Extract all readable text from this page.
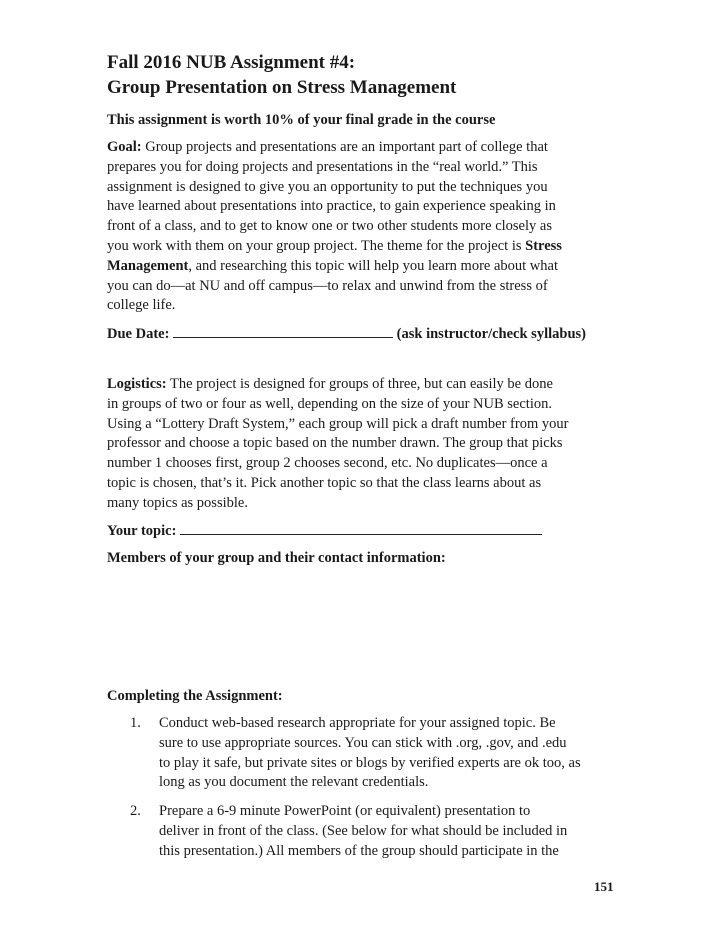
Fall 2016 NUB Assignment #4:
Group Presentation on Stress Management
This assignment is worth 10% of your final grade in the course
Goal: Group projects and presentations are an important part of college that
prepares you for doing projects and presentations in the “real world.” This
assignment is designed to give you an opportunity to put the techniques you
have learned about presentations into practice, to gain experience speaking in
front of a class, and to get to know one or two other students more closely as
you work with them on your group project. The theme for the project is Stress
Management, and researching this topic will help you learn more about what
you can do—at NU and off campus—to relax and unwind from the stress of
college life.
Due Date:	(ask instructor/check syllabus)
Logistics: The project is designed for groups of three, but can easily be done
in groups of two or four as well, depending on the size of your NUB section.
Using a “Lottery Draft System,” each group will pick a draft number from your
professor and choose a topic based on the number drawn. The group that picks
number 1 chooses first, group 2 chooses second, etc. No duplicates—once a
topic is chosen, that’s it. Pick another topic so that the class learns about as
many topics as possible.
Your topic:
Members of your group and their contact information:
Completing the Assignment:
1. Conduct web-based research appropriate for your assigned topic. Be
sure to use appropriate sources. You can stick with .org, .gov, and .edu
to play it safe, but private sites or blogs by verified experts are ok too, as
long as you document the relevant credentials.
2. Prepare a 6-9 minute PowerPoint (or equivalent) presentation to
deliver in front of the class. (See below for what should be included in
this presentation.) All members of the group should participate in the
151
